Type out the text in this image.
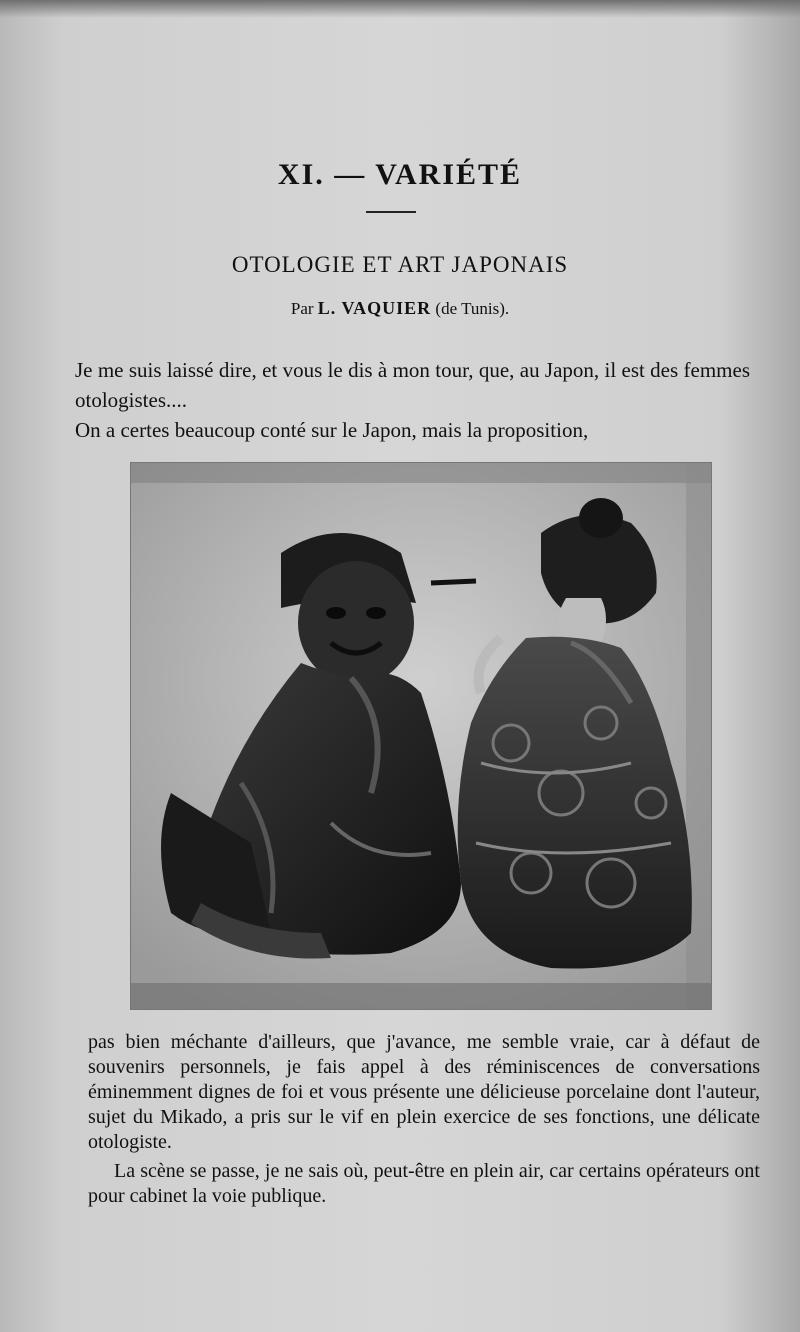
XI. — VARIÉTÉ
OTOLOGIE ET ART JAPONAIS
Par L. VAQUIER (de Tunis).

Je me suis laissé dire, et vous le dis à mon tour, que, au Japon, il est des femmes otologistes....

On a certes beaucoup conté sur le Japon, mais la proposition,

pas bien méchante d'ailleurs, que j'avance, me semble vraie, car à défaut de souvenirs personnels, je fais appel à des réminiscences de conversations éminemment dignes de foi et vous présente une délicieuse porcelaine dont l'auteur, sujet du Mikado, a pris sur le vif en plein exercice de ses fonctions, une délicate otologiste.

La scène se passe, je ne sais où, peut-être en plein air, car certains opérateurs ont pour cabinet la voie publique.
